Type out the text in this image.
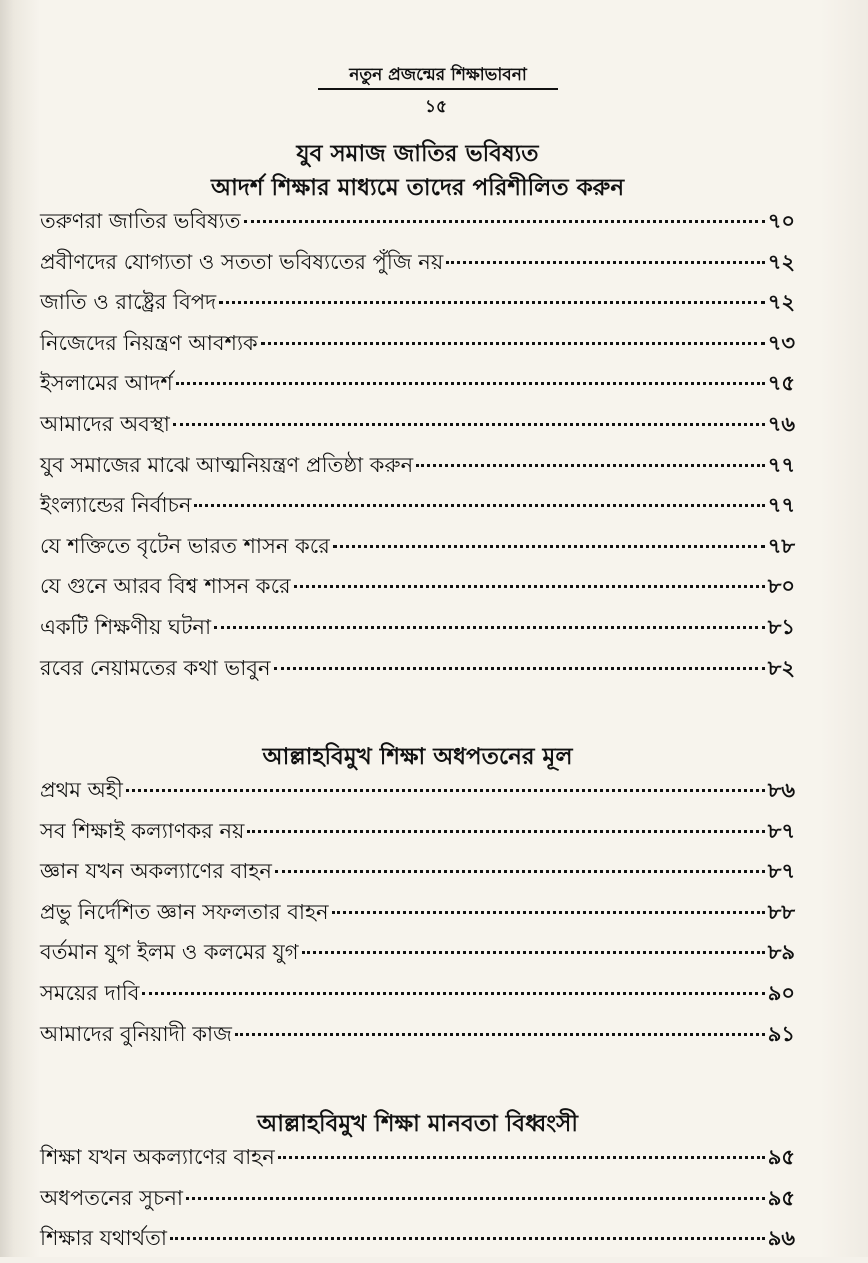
নতুন প্রজন্মের শিক্ষাভাবনা
১৫
যুব সমাজ জাতির ভবিষ্যত
আদর্শ শিক্ষার মাধ্যমে তাদের পরিশীলিত করুন
তরুণরা জাতির ভবিষ্যত	৭০
প্রবীণদের যোগ্যতা ও সততা ভবিষ্যতের পুঁজি নয়	৭২
জাতি ও রাষ্ট্রের বিপদ	৭২
নিজেদের নিয়ন্ত্রণ আবশ্যক	৭৩
ইসলামের আদর্শ	৭৫
আমাদের অবস্থা	৭৬
যুব সমাজের মাঝে আত্মনিয়ন্ত্রণ প্রতিষ্ঠা করুন	৭৭
ইংল্যান্ডের নির্বাচন	৭৭
যে শক্তিতে বৃটেন ভারত শাসন করে	৭৮
যে গুনে আরব বিশ্ব শাসন করে	৮০
একটি শিক্ষণীয় ঘটনা	৮১
রবের নেয়ামতের কথা ভাবুন	৮২
আল্লাহবিমুখ শিক্ষা অধপতনের মূল
প্রথম অহী	৮৬
সব শিক্ষাই কল্যাণকর নয়	৮৭
জ্ঞান যখন অকল্যাণের বাহন	৮৭
প্রভু নির্দেশিত জ্ঞান সফলতার বাহন	৮৮
বর্তমান যুগ ইলম ও কলমের যুগ	৮৯
সময়ের দাবি	৯০
আমাদের বুনিয়াদী কাজ	৯১
আল্লাহবিমুখ শিক্ষা মানবতা বিধ্বংসী
শিক্ষা যখন অকল্যাণের বাহন	৯৫
অধপতনের সুচনা	৯৫
শিক্ষার যথার্থতা	৯৬
